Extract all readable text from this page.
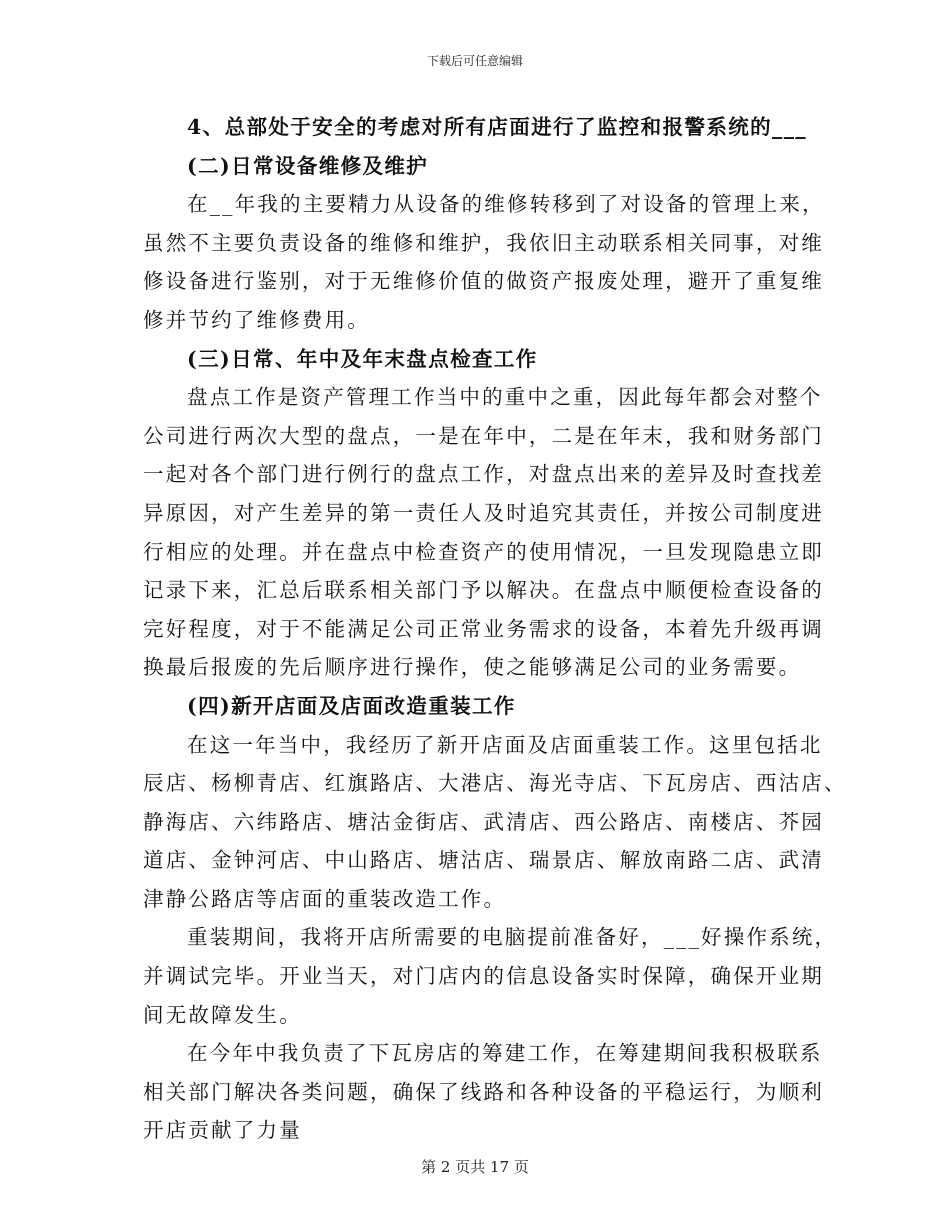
下载后可任意编辑
4、总部处于安全的考虑对所有店面进行了监控和报警系统的___
(二)日常设备维修及维护
在__年我的主要精力从设备的维修转移到了对设备的管理上来，
虽然不主要负责设备的维修和维护，我依旧主动联系相关同事，对维
修设备进行鉴别，对于无维修价值的做资产报废处理，避开了重复维
修并节约了维修费用。
(三)日常、年中及年末盘点检查工作
盘点工作是资产管理工作当中的重中之重，因此每年都会对整个
公司进行两次大型的盘点，一是在年中，二是在年末，我和财务部门
一起对各个部门进行例行的盘点工作，对盘点出来的差异及时查找差
异原因，对产生差异的第一责任人及时追究其责任，并按公司制度进
行相应的处理。并在盘点中检查资产的使用情况，一旦发现隐患立即
记录下来，汇总后联系相关部门予以解决。在盘点中顺便检查设备的
完好程度，对于不能满足公司正常业务需求的设备，本着先升级再调
换最后报废的先后顺序进行操作，使之能够满足公司的业务需要。
(四)新开店面及店面改造重装工作
在这一年当中，我经历了新开店面及店面重装工作。这里包括北
辰店、杨柳青店、红旗路店、大港店、海光寺店、下瓦房店、西沽店、
静海店、六纬路店、塘沽金街店、武清店、西公路店、南楼店、芥园
道店、金钟河店、中山路店、塘沽店、瑞景店、解放南路二店、武清
津静公路店等店面的重装改造工作。
重装期间，我将开店所需要的电脑提前准备好，___好操作系统，
并调试完毕。开业当天，对门店内的信息设备实时保障，确保开业期
间无故障发生。
在今年中我负责了下瓦房店的筹建工作，在筹建期间我积极联系
相关部门解决各类问题，确保了线路和各种设备的平稳运行，为顺利
开店贡献了力量
第 2 页共 17 页
